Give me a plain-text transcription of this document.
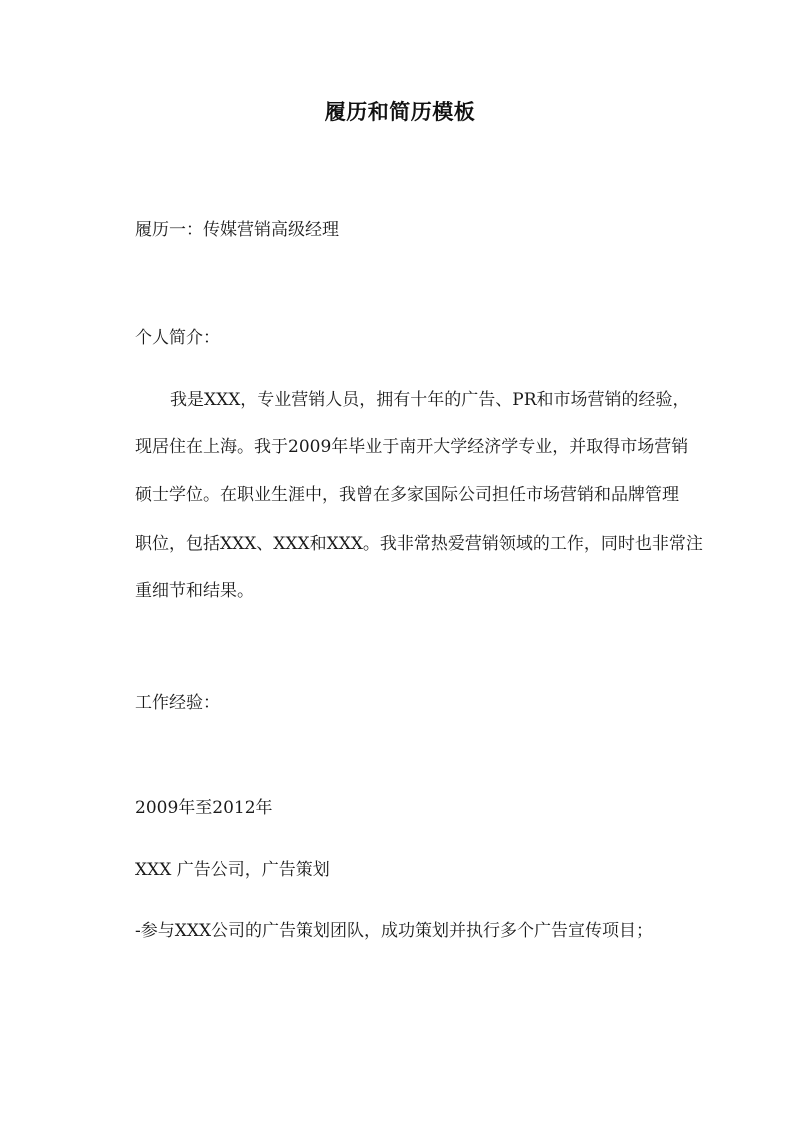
履历和简历模板
履历一：传媒营销高级经理
个人简介：
我是XXX，专业营销人员，拥有十年的广告、PR和市场营销的经验，
现居住在上海。我于2009年毕业于南开大学经济学专业，并取得市场营销
硕士学位。在职业生涯中，我曾在多家国际公司担任市场营销和品牌管理
职位，包括XXX、XXX和XXX。我非常热爱营销领域的工作，同时也非常注
重细节和结果。
工作经验：
2009年至2012年
XXX 广告公司，广告策划
-参与XXX公司的广告策划团队，成功策划并执行多个广告宣传项目；
